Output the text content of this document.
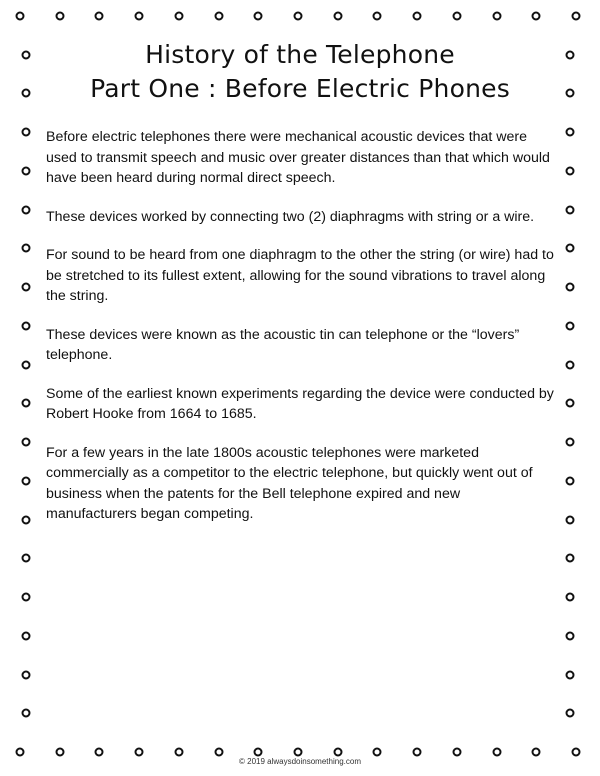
History of the Telephone
Part One : Before Electric Phones

Before electric telephones there were mechanical acoustic devices that were used to transmit speech and music over greater distances than that which would have been heard during normal direct speech.

These devices worked by connecting two (2) diaphragms with string or a wire.

For sound to be heard from one diaphragm to the other the string (or wire) had to be stretched to its fullest extent, allowing for the sound vibrations to travel along the string.

These devices were known as the acoustic tin can telephone or the “lovers” telephone.

Some of the earliest known experiments regarding the device were conducted by Robert Hooke from 1664 to 1685.

For a few years in the late 1800s acoustic telephones were marketed commercially as a competitor to the electric telephone, but quickly went out of business when the patents for the Bell telephone expired and new manufacturers began competing.

© 2019 alwaysdoinsomething.com
